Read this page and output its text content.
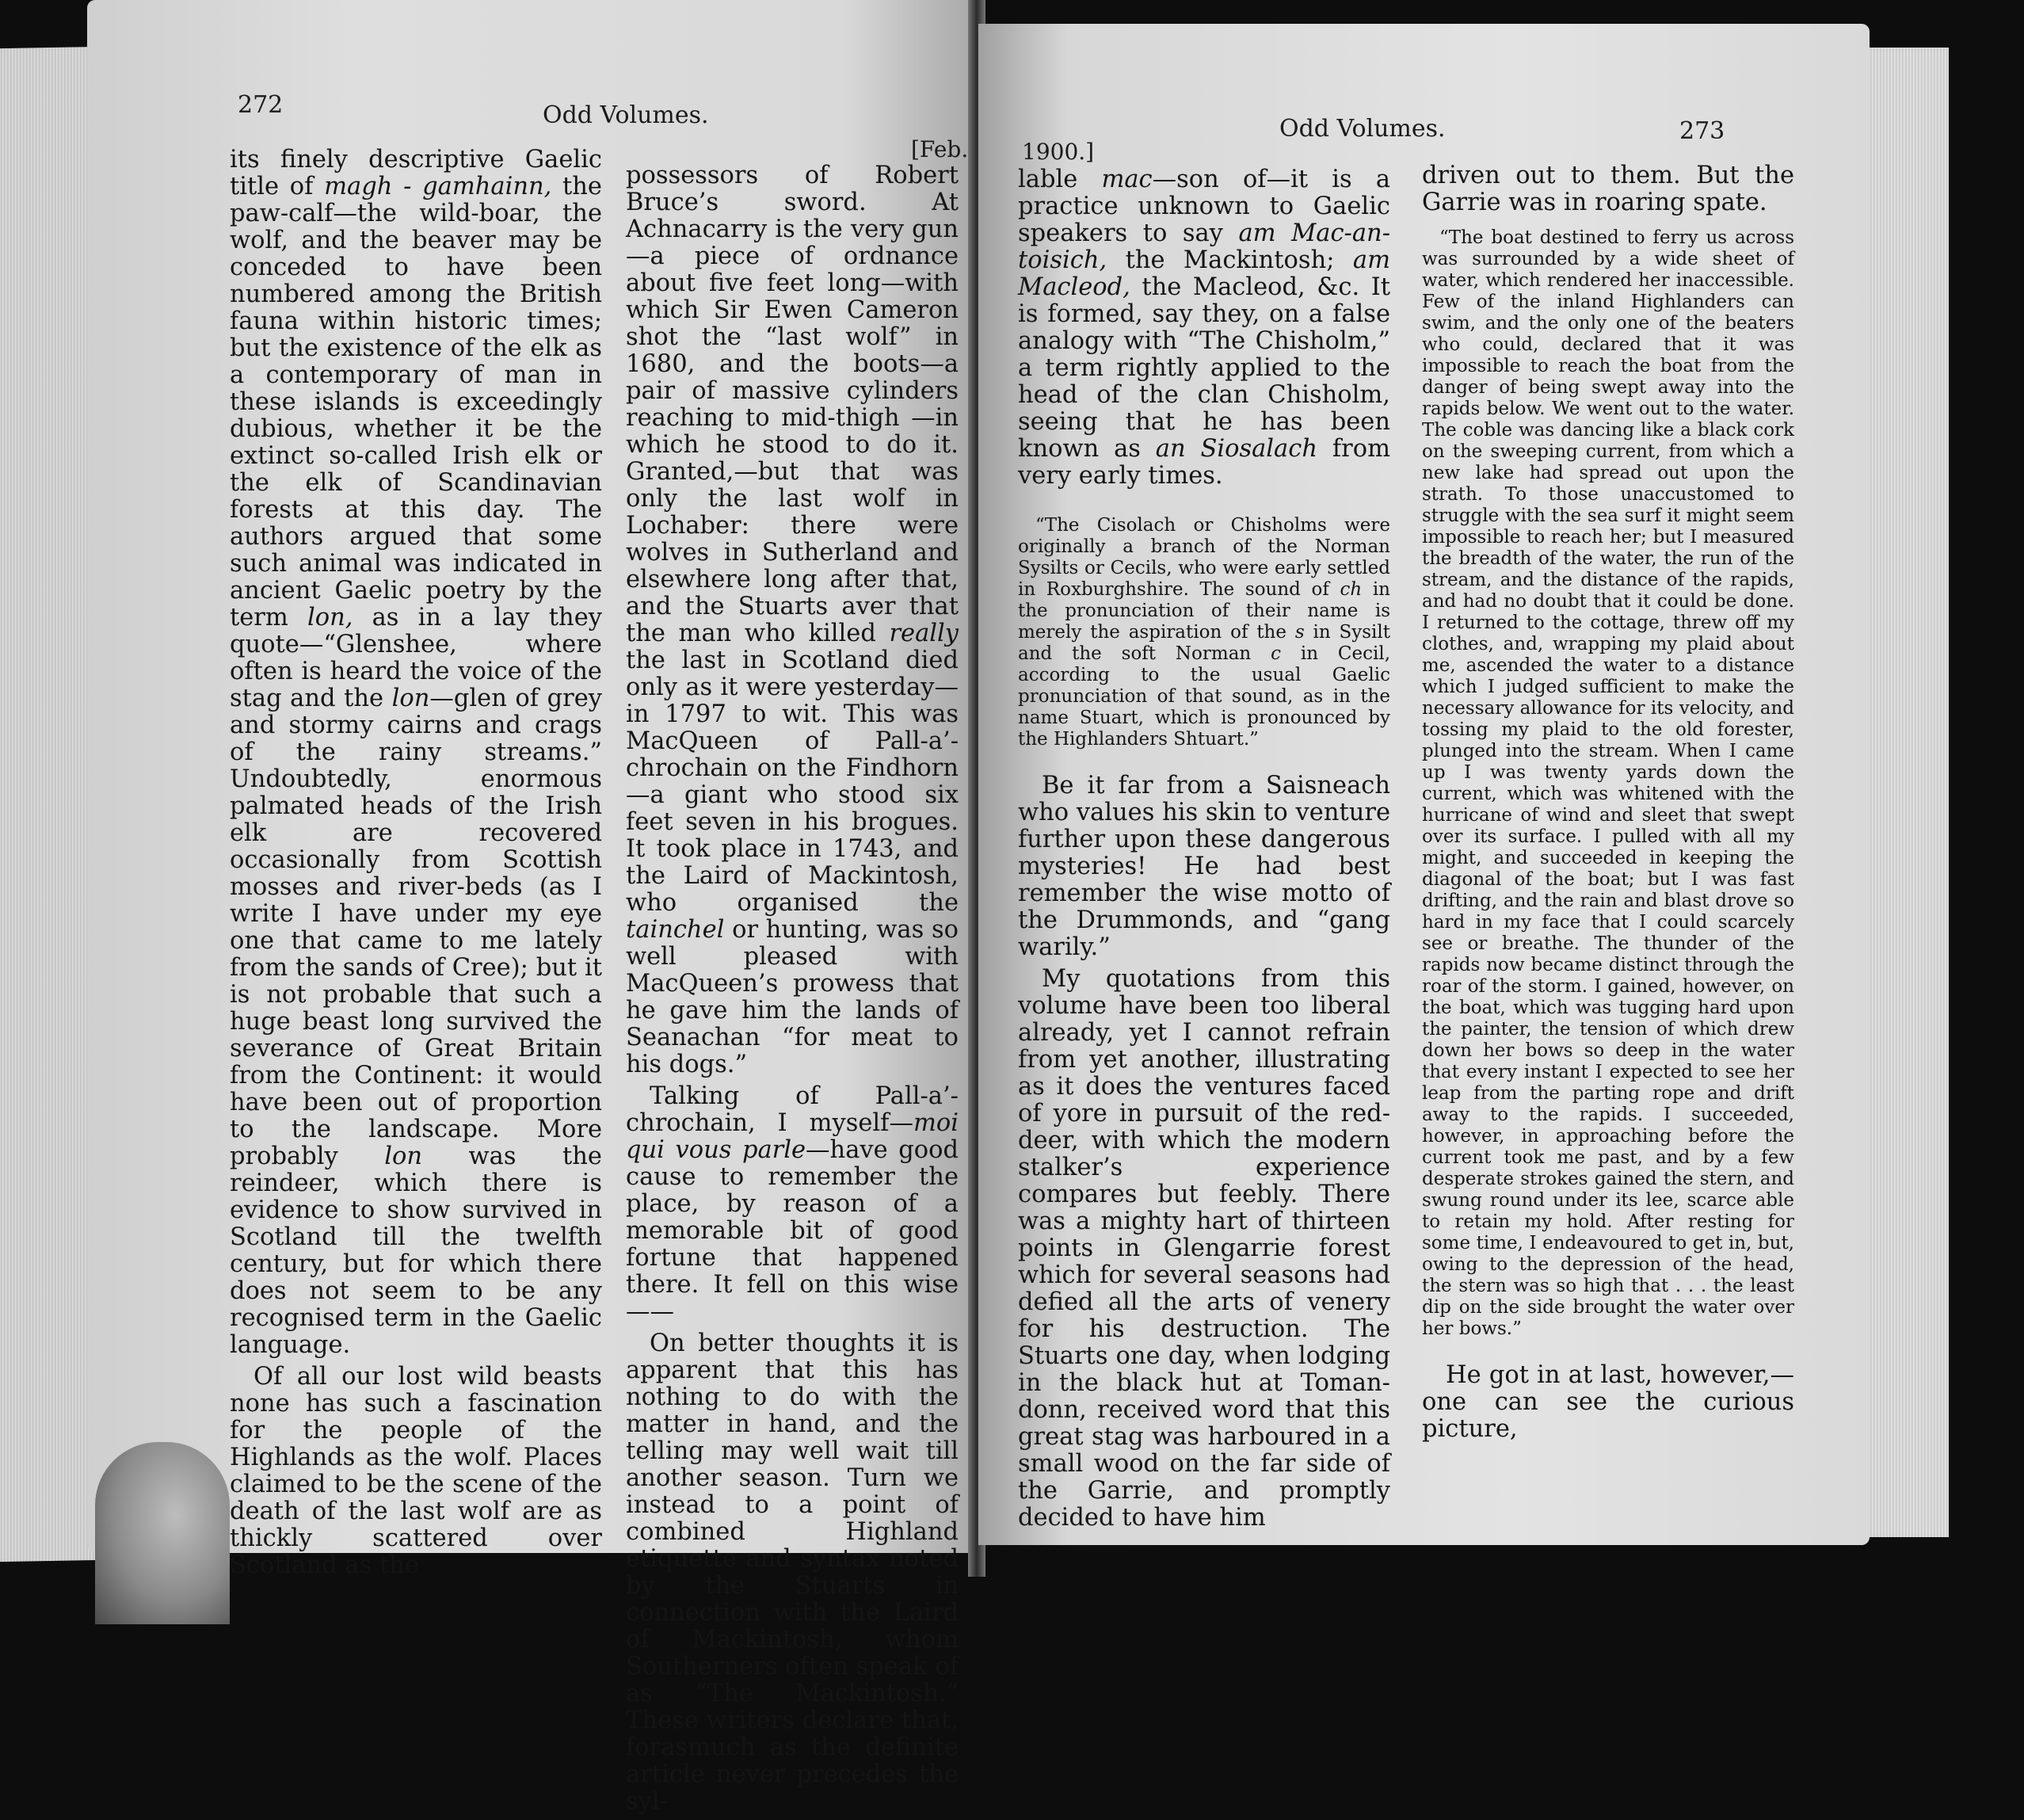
272	Odd Volumes.
[Feb.

its finely descriptive Gaelic title of magh - gamhainn, the paw-calf—the wild-boar, the wolf, and the beaver may be conceded to have been numbered among the British fauna within historic times; but the existence of the elk as a contemporary of man in these islands is exceedingly dubious, whether it be the extinct so-called Irish elk or the elk of Scandinavian forests at this day. The authors argued that some such animal was indicated in ancient Gaelic poetry by the term lon, as in a lay they quote—“Glenshee, where often is heard the voice of the stag and the lon—glen of grey and stormy cairns and crags of the rainy streams.” Undoubtedly, enormous palmated heads of the Irish elk are recovered occasionally from Scottish mosses and river-beds (as I write I have under my eye one that came to me lately from the sands of Cree); but it is not probable that such a huge beast long survived the severance of Great Britain from the Continent: it would have been out of proportion to the landscape. More probably lon was the reindeer, which there is evidence to show survived in Scotland till the twelfth century, but for which there does not seem to be any recognised term in the Gaelic language.

Of all our lost wild beasts none has such a fascination for the people of the Highlands as the wolf. Places claimed to be the scene of the death of the last wolf are as thickly scattered over Scotland as the

possessors of Robert Bruce’s sword. At Achnacarry is the very gun—a piece of ordnance about five feet long—with which Sir Ewen Cameron shot the “last wolf” in 1680, and the boots—a pair of massive cylinders reaching to mid-thigh —in which he stood to do it. Granted,—but that was only the last wolf in Lochaber: there were wolves in Sutherland and elsewhere long after that, and the Stuarts aver that the man who killed really the last in Scotland died only as it were yesterday—in 1797 to wit. This was MacQueen of Pall-a’-chrochain on the Findhorn—a giant who stood six feet seven in his brogues. It took place in 1743, and the Laird of Mackintosh, who organised the tainchel or hunting, was so well pleased with MacQueen’s prowess that he gave him the lands of Seanachan “for meat to his dogs.”

Talking of Pall-a’-chrochain, I myself—moi qui vous parle—have good cause to remember the place, by reason of a memorable bit of good fortune that happened there. It fell on this wise——

On better thoughts it is apparent that this has nothing to do with the matter in hand, and the telling may well wait till another season. Turn we instead to a point of combined Highland etiquette and syntax noted by the Stuarts in connection with the Laird of Mackintosh, whom Southerners often speak of as “The Mackintosh.” These writers declare that, forasmuch as the definite article never precedes the syl-

1900.]
Odd Volumes.	273

lable mac—son of—it is a practice unknown to Gaelic speakers to say am Mac-an-toisich, the Mackintosh; am Macleod, the Macleod, &c. It is formed, say they, on a false analogy with “The Chisholm,” a term rightly applied to the head of the clan Chisholm, seeing that he has been known as an Siosalach from very early times.

“The Cisolach or Chisholms were originally a branch of the Norman Sysilts or Cecils, who were early settled in Roxburghshire. The sound of ch in the pronunciation of their name is merely the aspiration of the s in Sysilt and the soft Norman c in Cecil, according to the usual Gaelic pronunciation of that sound, as in the name Stuart, which is pronounced by the Highlanders Shtuart.”

Be it far from a Saisneach who values his skin to venture further upon these dangerous mysteries! He had best remember the wise motto of the Drummonds, and “gang warily.”

My quotations from this volume have been too liberal already, yet I cannot refrain from yet another, illustrating as it does the ventures faced of yore in pursuit of the red-deer, with which the modern stalker’s experience compares but feebly. There was a mighty hart of thirteen points in Glengarrie forest which for several seasons had defied all the arts of venery for his destruction. The Stuarts one day, when lodging in the black hut at Toman-donn, received word that this great stag was harboured in a small wood on the far side of the Garrie, and promptly decided to have him

driven out to them. But the Garrie was in roaring spate.

“The boat destined to ferry us across was surrounded by a wide sheet of water, which rendered her inaccessible. Few of the inland Highlanders can swim, and the only one of the beaters who could, declared that it was impossible to reach the boat from the danger of being swept away into the rapids below. We went out to the water. The coble was dancing like a black cork on the sweeping current, from which a new lake had spread out upon the strath. To those unaccustomed to struggle with the sea surf it might seem impossible to reach her; but I measured the breadth of the water, the run of the stream, and the distance of the rapids, and had no doubt that it could be done. I returned to the cottage, threw off my clothes, and, wrapping my plaid about me, ascended the water to a distance which I judged sufficient to make the necessary allowance for its velocity, and tossing my plaid to the old forester, plunged into the stream. When I came up I was twenty yards down the current, which was whitened with the hurricane of wind and sleet that swept over its surface. I pulled with all my might, and succeeded in keeping the diagonal of the boat; but I was fast drifting, and the rain and blast drove so hard in my face that I could scarcely see or breathe. The thunder of the rapids now became distinct through the roar of the storm. I gained, however, on the boat, which was tugging hard upon the painter, the tension of which drew down her bows so deep in the water that every instant I expected to see her leap from the parting rope and drift away to the rapids. I succeeded, however, in approaching before the current took me past, and by a few desperate strokes gained the stern, and swung round under its lee, scarce able to retain my hold. After resting for some time, I endeavoured to get in, but, owing to the depression of the head, the stern was so high that . . . the least dip on the side brought the water over her bows.”

He got in at last, however,—one can see the curious picture,
